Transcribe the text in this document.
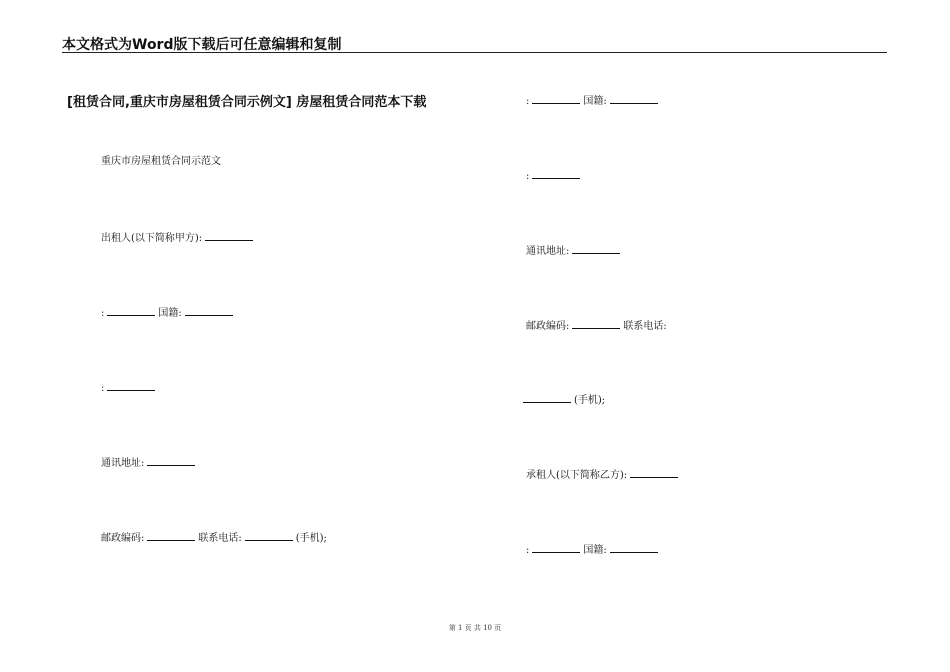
本文格式为Word版下载后可任意编辑和复制
[租赁合同,重庆市房屋租赁合同示例文] 房屋租赁合同范本下载
重庆市房屋租赁合同示范文
出租人(以下简称甲方):
:	国籍:
:
通讯地址:
邮政编码:	联系电话:	(手机);
:	国籍:
:
通讯地址:
邮政编码:	联系电话:
(手机);
承租人(以下简称乙方):
:	国籍:
第 1 页 共 10 页
